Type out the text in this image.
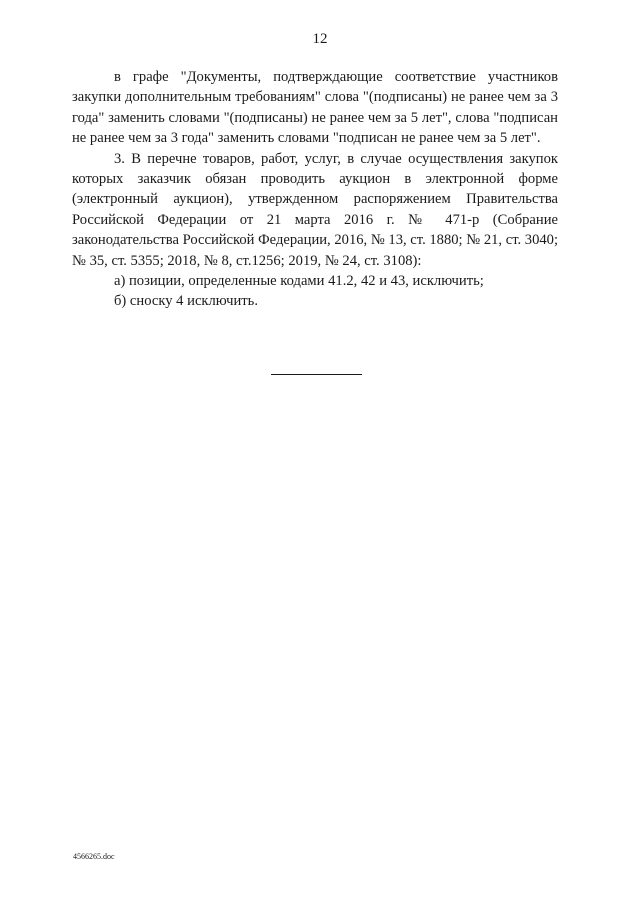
12

в графе "Документы, подтверждающие соответствие участников закупки дополнительным требованиям" слова "(подписаны) не ранее чем за 3 года" заменить словами "(подписаны) не ранее чем за 5 лет", слова "подписан не ранее чем за 3 года" заменить словами "подписан не ранее чем за 5 лет".

3. В перечне товаров, работ, услуг, в случае осуществления закупок которых заказчик обязан проводить аукцион в электронной форме (электронный аукцион), утвержденном распоряжением Правительства Российской Федерации от 21 марта 2016 г. № 471-р (Собрание законодательства Российской Федерации, 2016, № 13, ст. 1880; № 21, ст. 3040; № 35, ст. 5355; 2018, № 8, ст.1256; 2019, № 24, ст. 3108):

а) позиции, определенные кодами 41.2, 42 и 43, исключить;

б) сноску 4 исключить.

4566265.doc
